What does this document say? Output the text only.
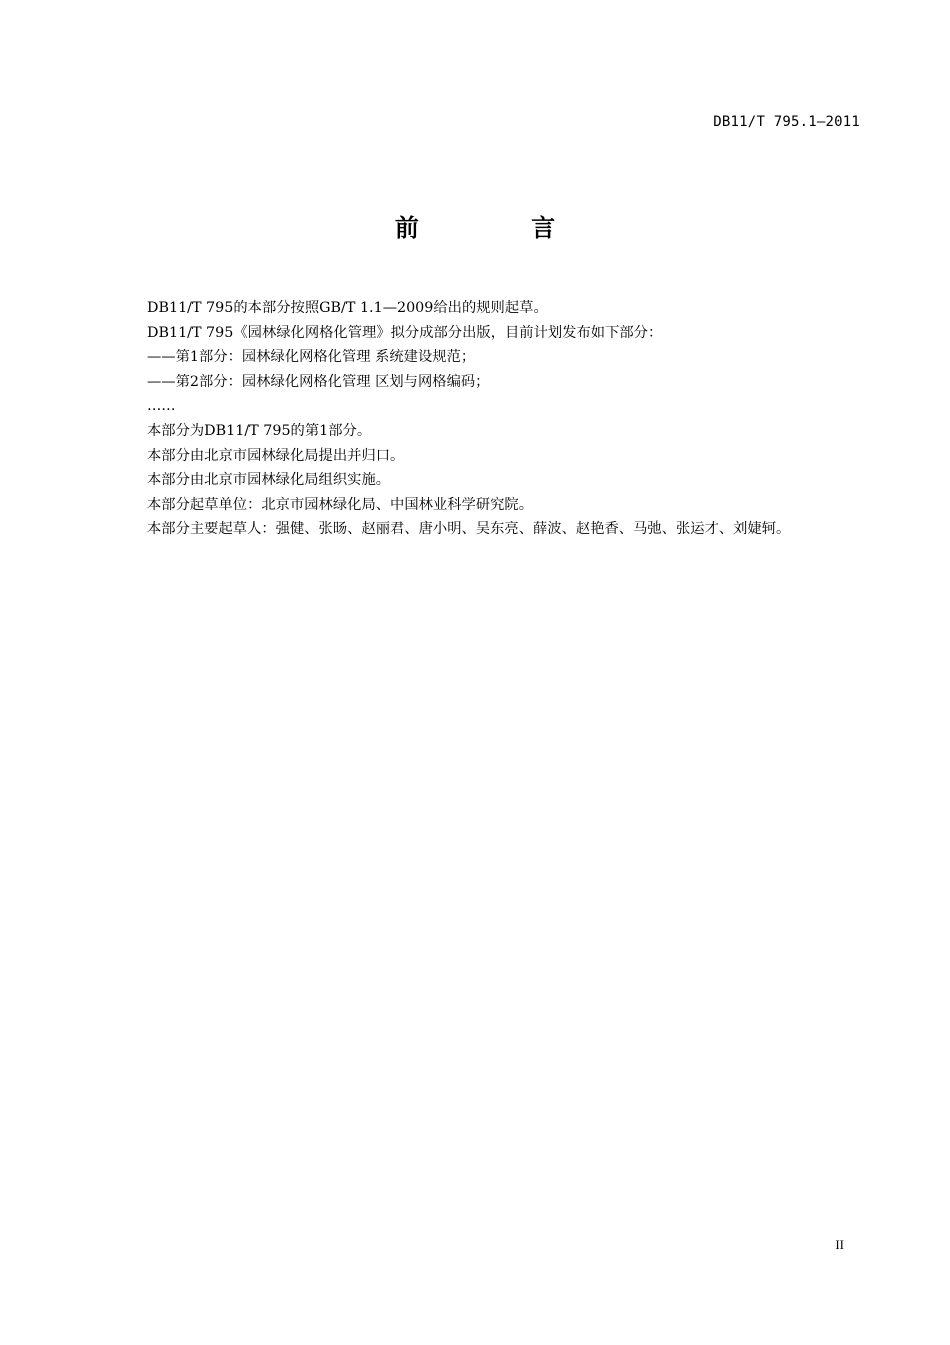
DB11/T 795.1—2011
前 言

DB11/T 795的本部分按照GB/T 1.1—2009给出的规则起草。

DB11/T 795《园林绿化网格化管理》拟分成部分出版，目前计划发布如下部分：

——第1部分：园林绿化网格化管理 系统建设规范；

——第2部分：园林绿化网格化管理 区划与网格编码；

……

本部分为DB11/T 795的第1部分。

本部分由北京市园林绿化局提出并归口。

本部分由北京市园林绿化局组织实施。

本部分起草单位：北京市园林绿化局、中国林业科学研究院。

本部分主要起草人：强健、张旸、赵丽君、唐小明、吴东亮、薛波、赵艳香、马弛、张运才、刘婕轲。

II
